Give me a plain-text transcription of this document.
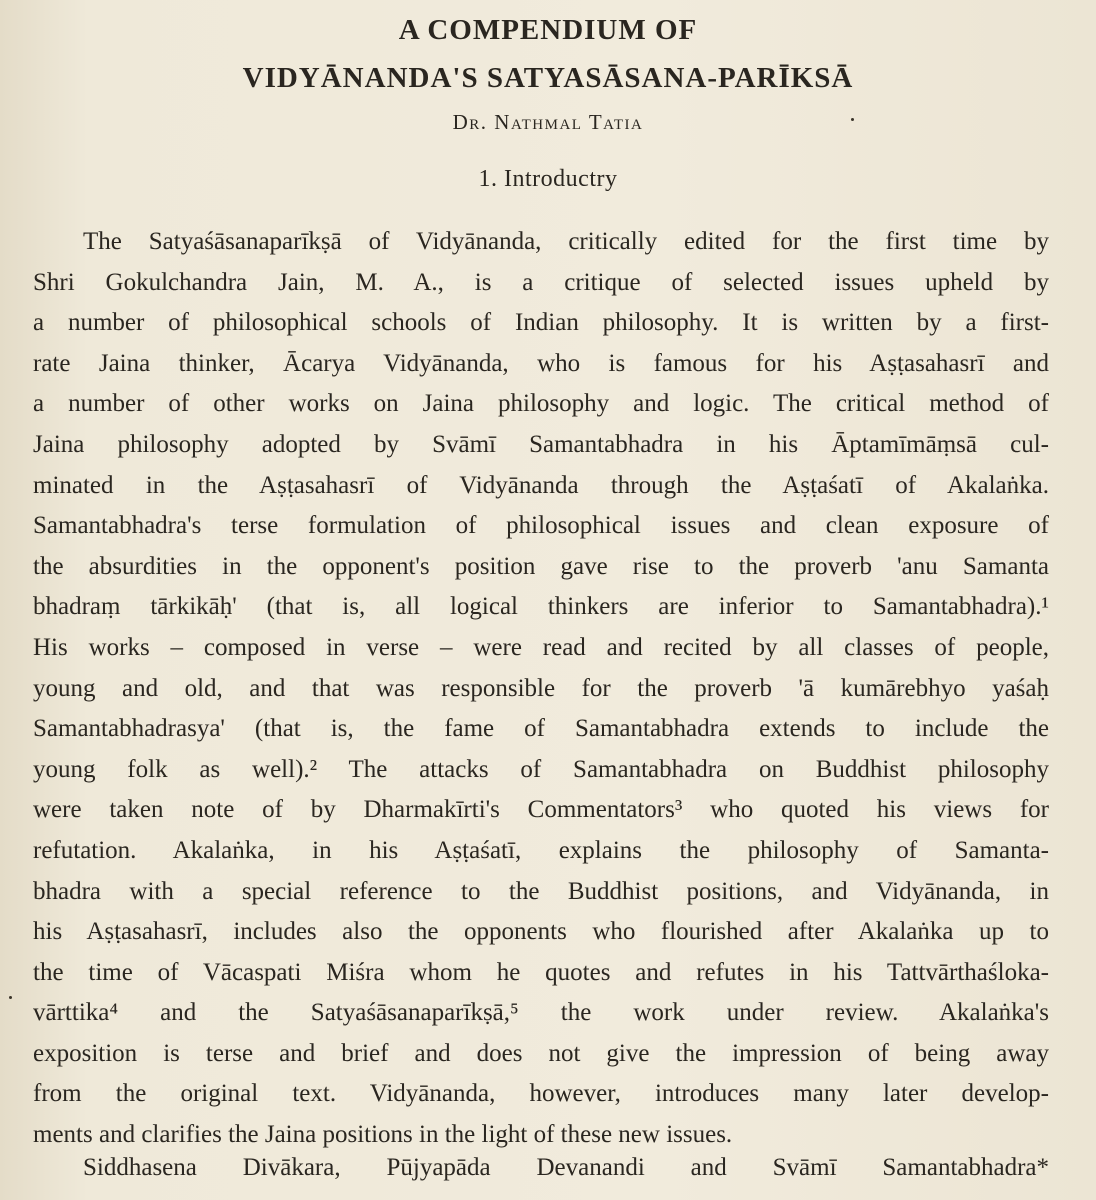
A COMPENDIUM OF
VIDYĀNANDA'S SATYASĀSANA-PARĪKSĀ
Dr. Nathmal Tatia
1. Introductry
The Satyaśāsanaparīkṣā of Vidyānanda, critically edited for the first time by
Shri Gokulchandra Jain, M. A., is a critique of selected issues upheld by
a number of philosophical schools of Indian philosophy. It is written by a first-
rate Jaina thinker, Ācarya Vidyānanda, who is famous for his Aṣṭasahasrī and
a number of other works on Jaina philosophy and logic. The critical method of
Jaina philosophy adopted by Svāmī Samantabhadra in his Āptamīmāṃsā cul-
minated in the Aṣṭasahasrī of Vidyānanda through the Aṣṭaśatī of Akalaṅka.
Samantabhadra's terse formulation of philosophical issues and clean exposure of
the absurdities in the opponent's position gave rise to the proverb 'anu Samanta
bhadraṃ tārkikāḥ' (that is, all logical thinkers are inferior to Samantabhadra).¹
His works – composed in verse – were read and recited by all classes of people,
young and old, and that was responsible for the proverb 'ā kumārebhyo yaśaḥ
Samantabhadrasya' (that is, the fame of Samantabhadra extends to include the
young folk as well).² The attacks of Samantabhadra on Buddhist philosophy
were taken note of by Dharmakīrti's Commentators³ who quoted his views for
refutation. Akalaṅka, in his Aṣṭaśatī, explains the philosophy of Samanta-
bhadra with a special reference to the Buddhist positions, and Vidyānanda, in
his Aṣṭasahasrī, includes also the opponents who flourished after Akalaṅka up to
the time of Vācaspati Miśra whom he quotes and refutes in his Tattvārthaśloka-
vārttika⁴ and the Satyaśāsanaparīkṣā,⁵ the work under review. Akalaṅka's
exposition is terse and brief and does not give the impression of being away
from the original text. Vidyānanda, however, introduces many later develop-
ments and clarifies the Jaina positions in the light of these new issues.
Siddhasena Divākara, Pūjyapāda Devanandi and Svāmī Samantabhadra*
